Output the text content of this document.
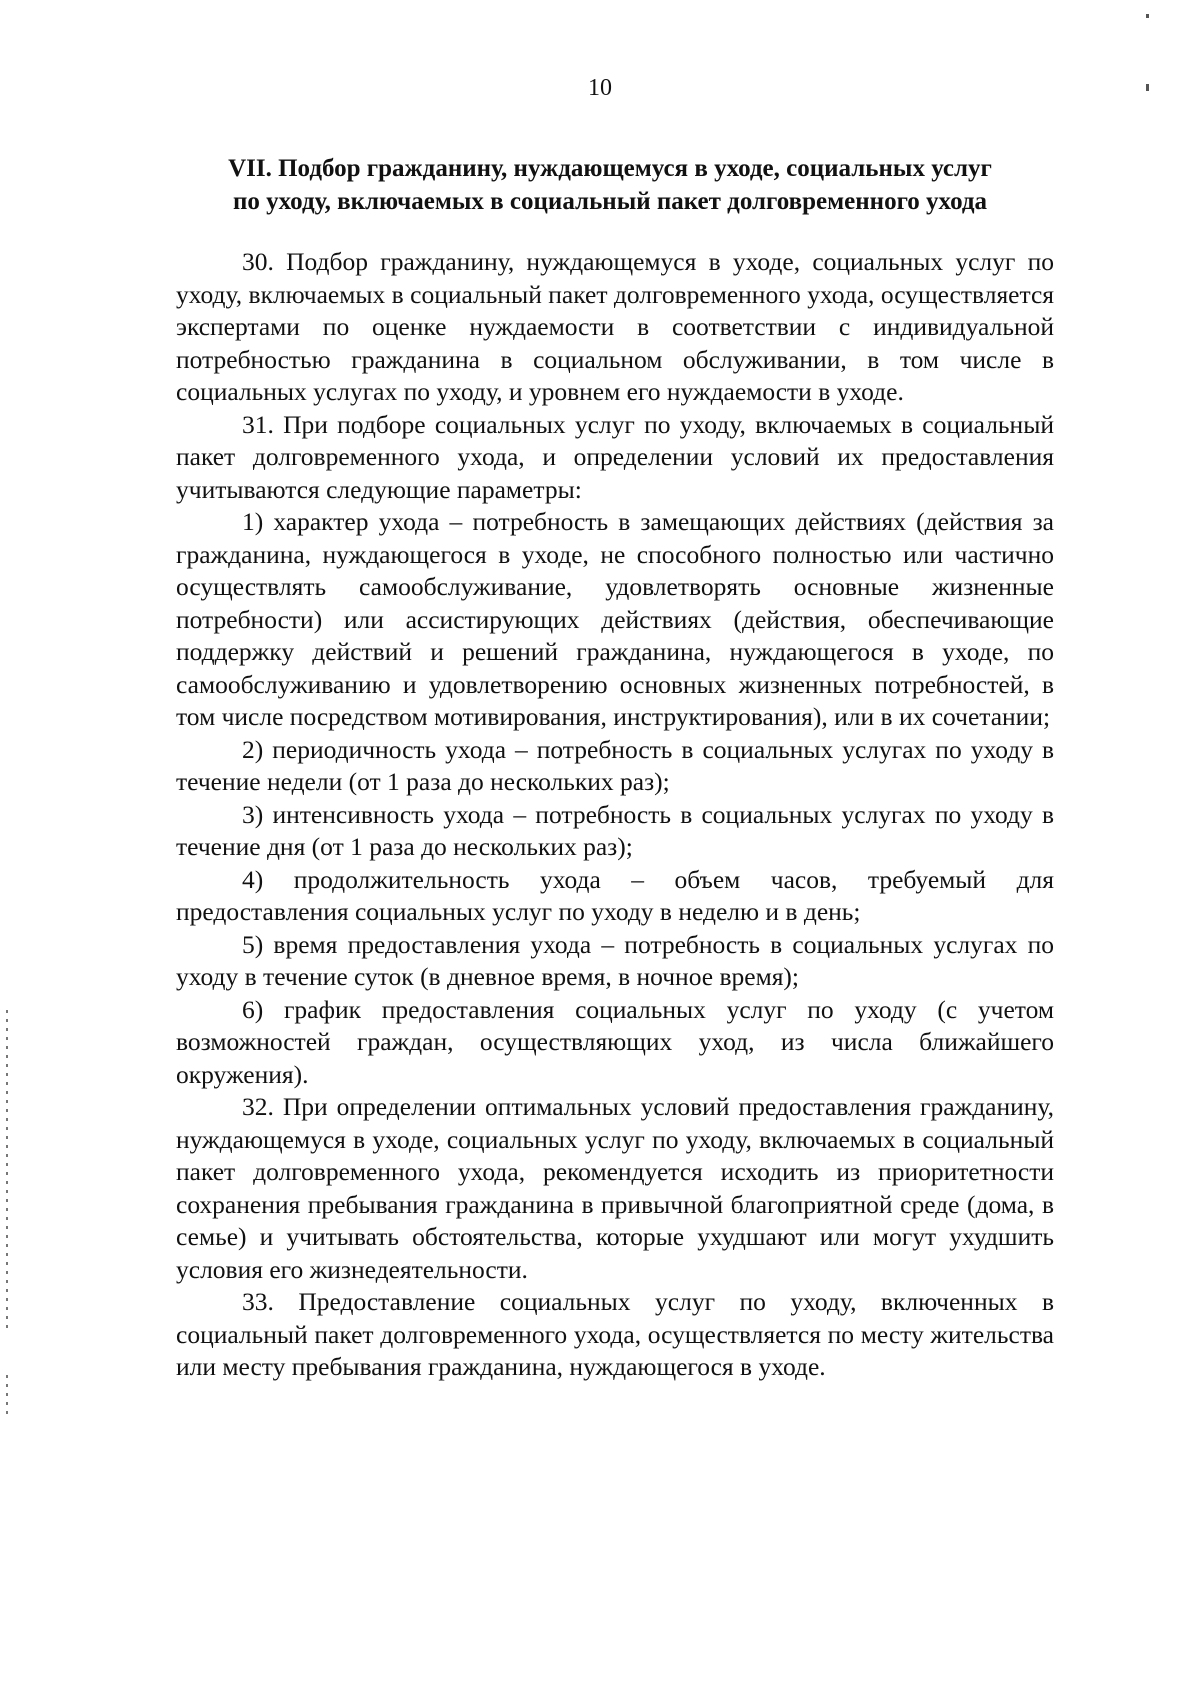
10
VII. Подбор гражданину, нуждающемуся в уходе, социальных услуг
по уходу, включаемых в социальный пакет долговременного ухода

30. Подбор гражданину, нуждающемуся в уходе, социальных услуг по уходу, включаемых в социальный пакет долговременного ухода, осуществляется экспертами по оценке нуждаемости в соответствии с индивидуальной потребностью гражданина в социальном обслуживании, в том числе в социальных услугах по уходу, и уровнем его нуждаемости в уходе.

31. При подборе социальных услуг по уходу, включаемых в социальный пакет долговременного ухода, и определении условий их предоставления учитываются следующие параметры:

1) характер ухода – потребность в замещающих действиях (действия за гражданина, нуждающегося в уходе, не способного полностью или частично осуществлять самообслуживание, удовлетворять основные жизненные потребности) или ассистирующих действиях (действия, обеспечивающие поддержку действий и решений гражданина, нуждающегося в уходе, по самообслуживанию и удовлетворению основных жизненных потребностей, в том числе посредством мотивирования, инструктирования), или в их сочетании;

2) периодичность ухода – потребность в социальных услугах по уходу в течение недели (от 1 раза до нескольких раз);

3) интенсивность ухода – потребность в социальных услугах по уходу в течение дня (от 1 раза до нескольких раз);

4) продолжительность ухода – объем часов, требуемый для предоставления социальных услуг по уходу в неделю и в день;

5) время предоставления ухода – потребность в социальных услугах по уходу в течение суток (в дневное время, в ночное время);

6) график предоставления социальных услуг по уходу (с учетом возможностей граждан, осуществляющих уход, из числа ближайшего окружения).

32. При определении оптимальных условий предоставления гражданину, нуждающемуся в уходе, социальных услуг по уходу, включаемых в социальный пакет долговременного ухода, рекомендуется исходить из приоритетности сохранения пребывания гражданина в привычной благоприятной среде (дома, в семье) и учитывать обстоятельства, которые ухудшают или могут ухудшить условия его жизнедеятельности.

33. Предоставление социальных услуг по уходу, включенных в социальный пакет долговременного ухода, осуществляется по месту жительства или месту пребывания гражданина, нуждающегося в уходе.
